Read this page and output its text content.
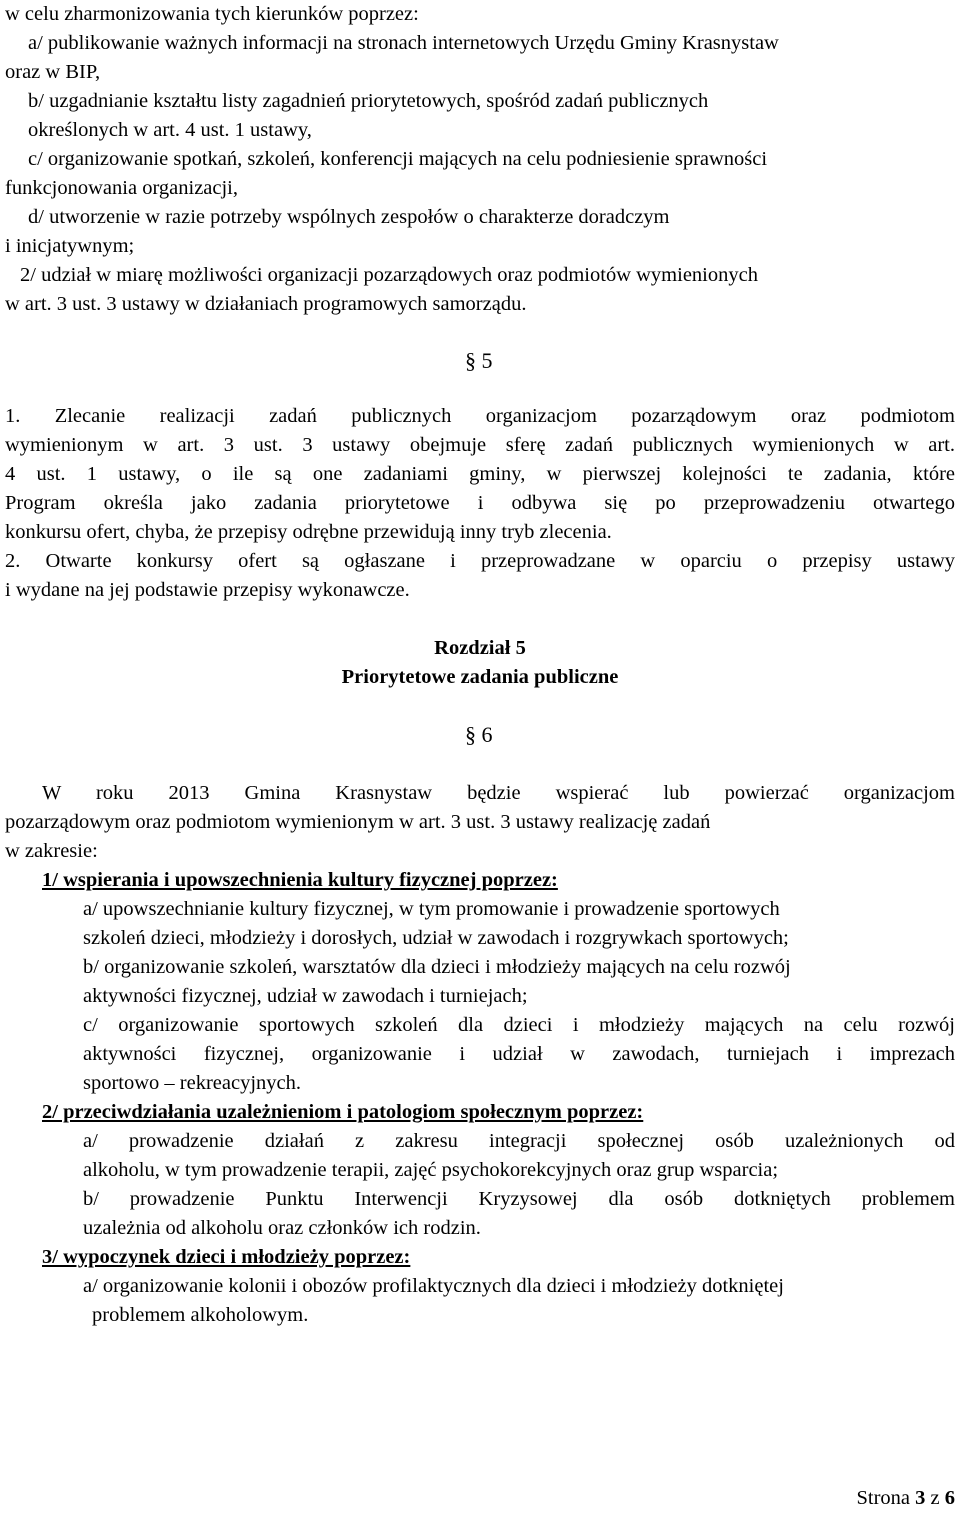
w celu zharmonizowania tych kierunków poprzez:
a/ publikowanie ważnych informacji na stronach internetowych Urzędu Gminy Krasnystaw
oraz w BIP,
b/ uzgadnianie kształtu listy zagadnień priorytetowych, spośród zadań publicznych
określonych w art. 4 ust. 1 ustawy,
c/ organizowanie spotkań, szkoleń, konferencji mających na celu podniesienie sprawności
funkcjonowania organizacji,
d/ utworzenie w razie potrzeby wspólnych zespołów o charakterze doradczym
i inicjatywnym;
2/ udział w miarę możliwości organizacji pozarządowych oraz podmiotów wymienionych
w art. 3 ust. 3 ustawy w działaniach programowych samorządu.
§ 5
1. Zlecanie realizacji zadań publicznych organizacjom pozarządowym oraz podmiotom
wymienionym w art. 3 ust. 3 ustawy obejmuje sferę zadań publicznych wymienionych w art.
4 ust. 1 ustawy, o ile są one zadaniami gminy, w pierwszej kolejności te zadania, które
Program określa jako zadania priorytetowe i odbywa się po przeprowadzeniu otwartego
konkursu ofert, chyba, że przepisy odrębne przewidują inny tryb zlecenia.
2. Otwarte konkursy ofert są ogłaszane i przeprowadzane w oparciu o przepisy ustawy
i wydane na jej podstawie przepisy wykonawcze.
Rozdział 5
Priorytetowe zadania publiczne
§ 6
W roku 2013 Gmina Krasnystaw będzie wspierać lub powierzać organizacjom
pozarządowym oraz podmiotom wymienionym w art. 3 ust. 3 ustawy realizację zadań
w zakresie:
1/ wspierania i upowszechnienia kultury fizycznej poprzez:
a/ upowszechnianie kultury fizycznej, w tym promowanie i prowadzenie sportowych
szkoleń dzieci, młodzieży i dorosłych, udział w zawodach i rozgrywkach sportowych;
b/ organizowanie szkoleń, warsztatów dla dzieci i młodzieży mających na celu rozwój
aktywności fizycznej, udział w zawodach i turniejach;
c/ organizowanie sportowych szkoleń dla dzieci i młodzieży mających na celu rozwój
aktywności fizycznej, organizowanie i udział w zawodach, turniejach i imprezach
sportowo – rekreacyjnych.
2/ przeciwdziałania uzależnieniom i patologiom społecznym poprzez:
a/ prowadzenie działań z zakresu integracji społecznej osób uzależnionych od
alkoholu, w tym prowadzenie terapii, zajęć psychokorekcyjnych oraz grup wsparcia;
b/ prowadzenie Punktu Interwencji Kryzysowej dla osób dotkniętych problemem
uzależnia od alkoholu oraz członków ich rodzin.
3/ wypoczynek dzieci i młodzieży poprzez:
a/ organizowanie kolonii i obozów profilaktycznych dla dzieci i młodzieży dotkniętej
problemem alkoholowym.
Strona 3 z 6
